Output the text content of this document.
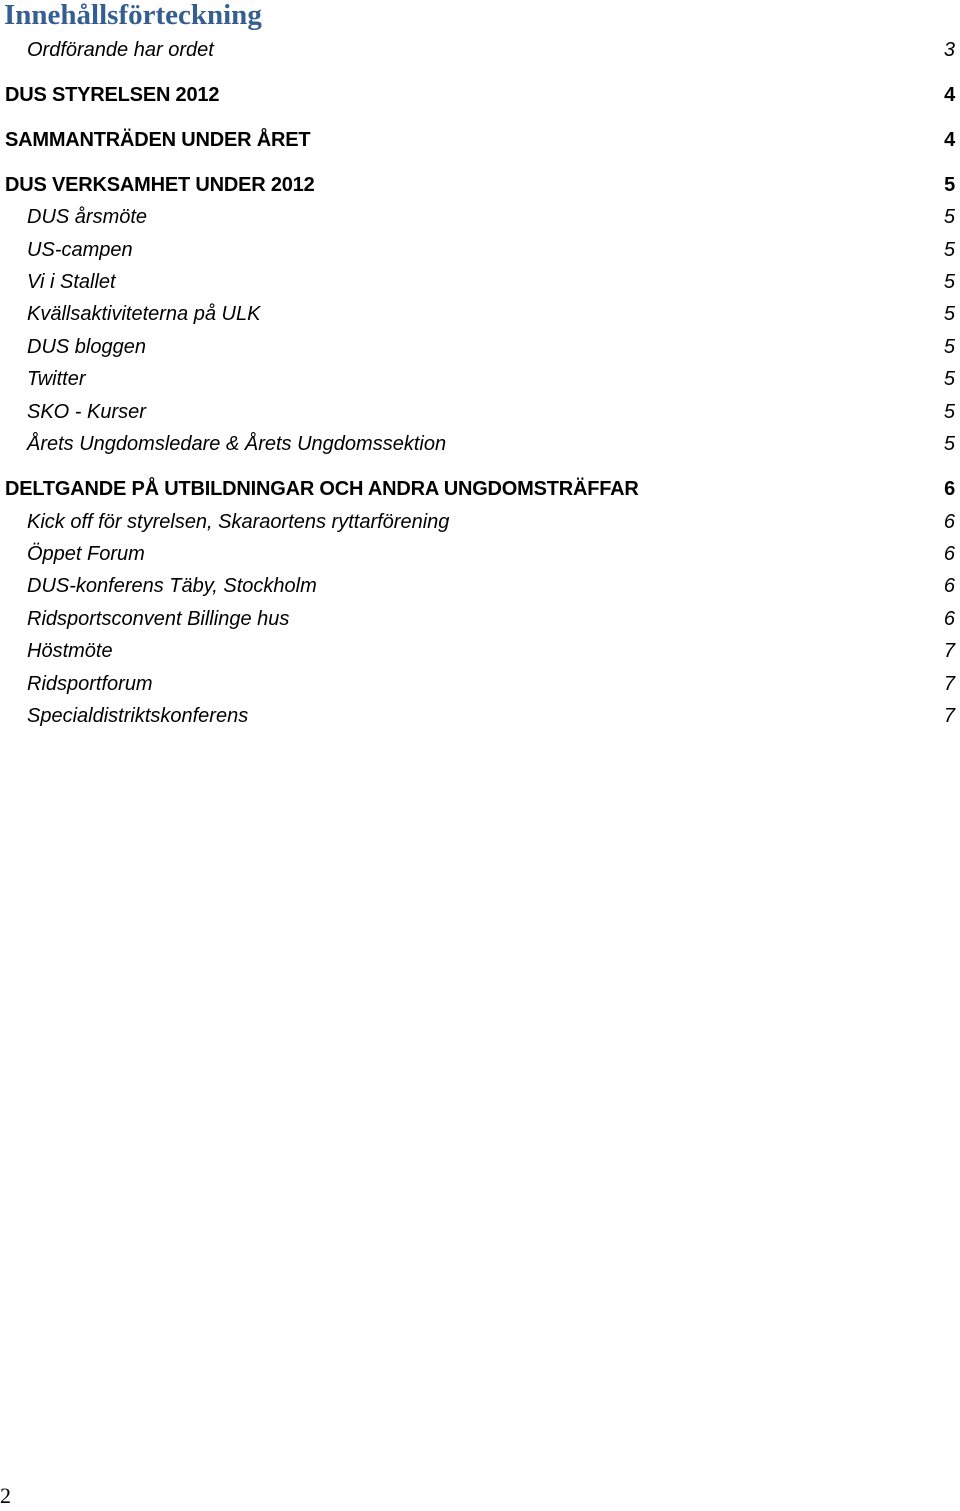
Innehållsförteckning
Ordförande har ordet	3
DUS STYRELSEN 2012	4
SAMMANTRÄDEN UNDER ÅRET	4
DUS VERKSAMHET UNDER 2012	5
DUS årsmöte	5
US-campen	5
Vi i Stallet	5
Kvällsaktiviteterna på ULK	5
DUS bloggen	5
Twitter	5
SKO - Kurser	5
Årets Ungdomsledare & Årets Ungdomssektion	5
DELTGANDE PÅ UTBILDNINGAR OCH ANDRA UNGDOMSTRÄFFAR	6
Kick off för styrelsen, Skaraortens ryttarförening	6
Öppet Forum	6
DUS-konferens Täby, Stockholm	6
Ridsportsconvent Billinge hus	6
Höstmöte	7
Ridsportforum	7
Specialdistriktskonferens	7
2
